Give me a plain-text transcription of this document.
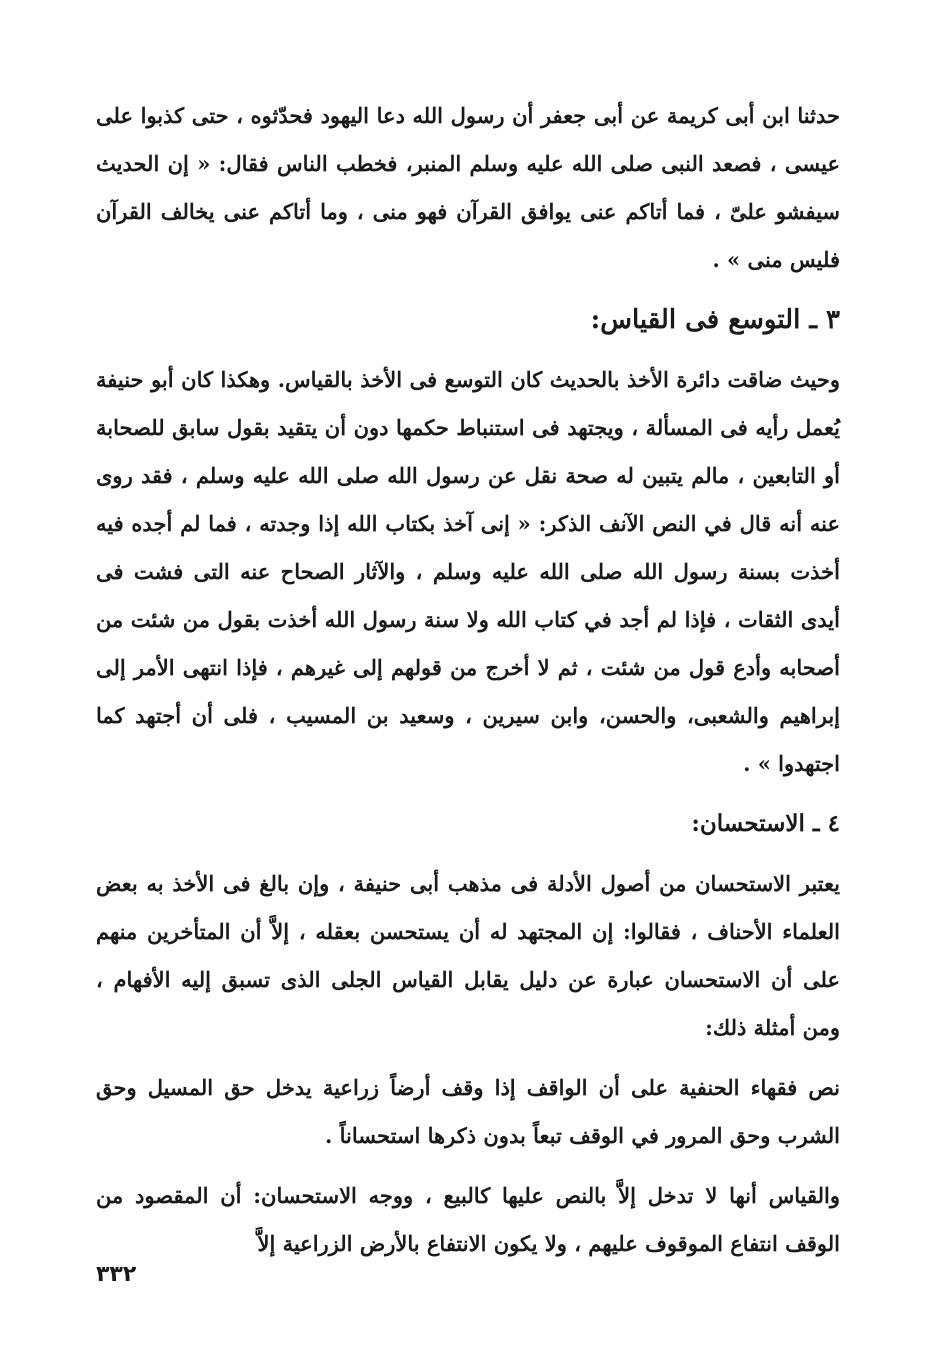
حدثنا ابن أبى كريمة عن أبى جعفر أن رسول الله دعا اليهود فحدّثوه ، حتى كذبوا على عيسى ، فصعد النبى صلى الله عليه وسلم المنبر، فخطب الناس فقال: « إن الحديث سيفشو علىّ ، فما أتاكم عنى يوافق القرآن فهو منى ، وما أتاكم عنى يخالف القرآن فليس منى » .

٣ ـ التوسع فى القياس:

وحيث ضاقت دائرة الأخذ بالحديث كان التوسع فى الأخذ بالقياس. وهكذا كان أبو حنيفة يُعمل رأيه فى المسألة ، ويجتهد فى استنباط حكمها دون أن يتقيد بقول سابق للصحابة أو التابعين ، مالم يتبين له صحة نقل عن رسول الله صلى الله عليه وسلم ، فقد روى عنه أنه قال في النص الآنف الذكر: « إنى آخذ بكتاب الله إذا وجدته ، فما لم أجده فيه أخذت بسنة رسول الله صلى الله عليه وسلم ، والآثار الصحاح عنه التى فشت فى أيدى الثقات ، فإذا لم أجد في كتاب الله ولا سنة رسول الله أخذت بقول من شئت من أصحابه وأدع قول من شئت ، ثم لا أخرج من قولهم إلى غيرهم ، فإذا انتهى الأمر إلى إبراهيم والشعبى، والحسن، وابن سيرين ، وسعيد بن المسيب ، فلى أن أجتهد كما اجتهدوا » .

٤ ـ الاستحسان:

يعتبر الاستحسان من أصول الأدلة فى مذهب أبى حنيفة ، وإن بالغ فى الأخذ به بعض العلماء الأحناف ، فقالوا: إن المجتهد له أن يستحسن بعقله ، إلاَّ أن المتأخرين منهم على أن الاستحسان عبارة عن دليل يقابل القياس الجلى الذى تسبق إليه الأفهام ، ومن أمثلة ذلك:

نص فقهاء الحنفية على أن الواقف إذا وقف أرضاً زراعية يدخل حق المسيل وحق الشرب وحق المرور في الوقف تبعاً بدون ذكرها استحساناً .

والقياس أنها لا تدخل إلاَّ بالنص عليها كالبيع ، ووجه الاستحسان: أن المقصود من الوقف انتفاع الموقوف عليهم ، ولا يكون الانتفاع بالأرض الزراعية إلاَّ

٣٣٢
